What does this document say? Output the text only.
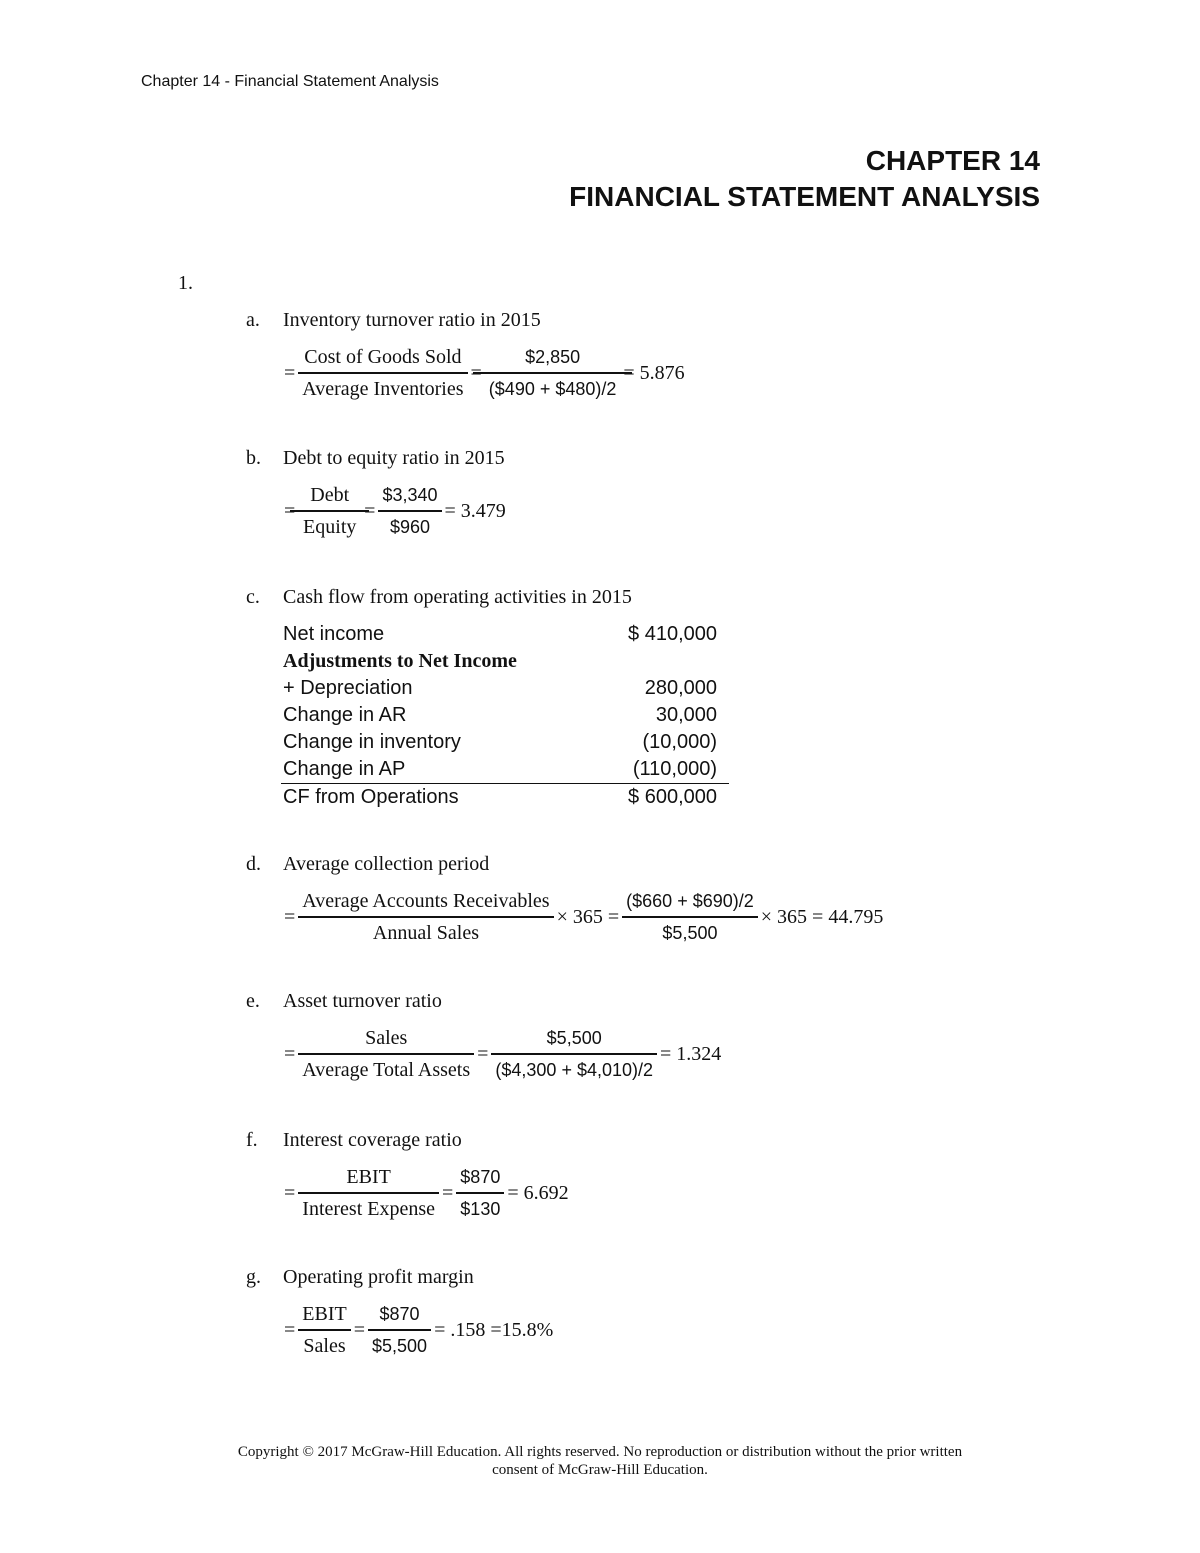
Chapter 14 - Financial Statement Analysis
CHAPTER 14
FINANCIAL STATEMENT ANALYSIS
1.
a. Inventory turnover ratio in 2015
= $\frac{\text{Cost of Goods Sold}}{\text{Average Inventories}} = \frac{\$2,850}{(\$490 + \$480)/2} = 5.876$
b. Debt to equity ratio in 2015
= $\frac{\text{Debt}}{\text{Equity}} = \frac{\$3,340}{\$960} = 3.479$
c. Cash flow from operating activities in 2015
Net income	$ 410,000
Adjustments to Net Income	
+ Depreciation	280,000
Change in AR	30,000
Change in inventory	(10,000)
Change in AP	(110,000)
CF from Operations	$ 600,000
d. Average collection period
= $\frac{\text{Average Accounts Receivables}}{\text{Annual Sales}} \times 365 = \frac{(\$660 + \$690)/2}{\$5,500} \times 365 = 44.795$
e. Asset turnover ratio
= $\frac{\text{Sales}}{\text{Average Total Assets}} = \frac{\$5,500}{(\$4,300 + \$4,010)/2} = 1.324$
f. Interest coverage ratio
= $\frac{\text{EBIT}}{\text{Interest Expense}} = \frac{\$870}{\$130} = 6.692$
g. Operating profit margin
= $\frac{\text{EBIT}}{\text{Sales}} = \frac{\$870}{\$5,500} = .158 =15.8\%$
Copyright © 2017 McGraw-Hill Education. All rights reserved. No reproduction or distribution without the prior written
consent of McGraw-Hill Education.
